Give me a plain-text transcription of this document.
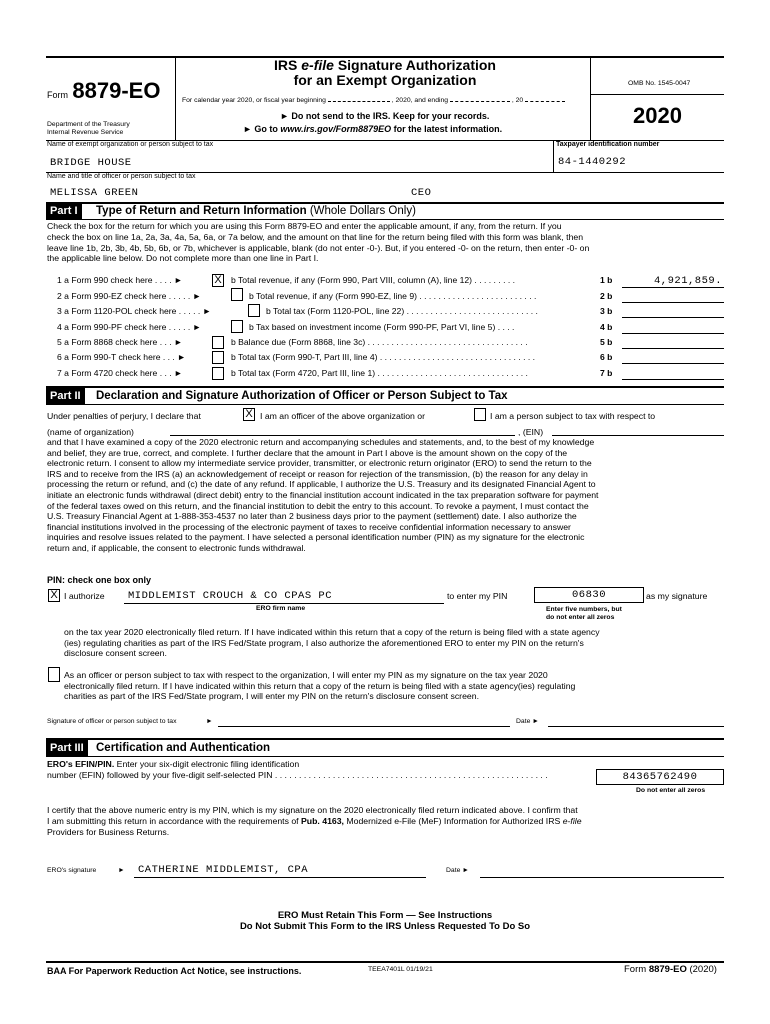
Form 8879-EO
Department of the Treasury
Internal Revenue Service
IRS e-file Signature Authorization
for an Exempt Organization
For calendar year 2020, or fiscal year beginning	, 2020, and ending	, 20
► Do not send to the IRS. Keep for your records.
► Go to www.irs.gov/Form8879EO for the latest information.
OMB No. 1545-0047
2020
Name of exempt organization or person subject to tax
BRIDGE HOUSE
Taxpayer identification number
84-1440292
Name and title of officer or person subject to tax
MELISSA GREEN	CEO
Part I	Type of Return and Return Information (Whole Dollars Only)
Check the box for the return for which you are using this Form 8879-EO and enter the applicable amount, if any, from the return. If you
check the box on line 1a, 2a, 3a, 4a, 5a, 6a, or 7a below, and the amount on that line for the return being filed with this form was blank, then
leave line 1b, 2b, 3b, 4b, 5b, 6b, or 7b, whichever is applicable, blank (do not enter -0-). But, if you entered -0- on the return, then enter -0- on
the applicable line below. Do not complete more than one line in Part I.
1 a Form 990 check here . . . . ►	X b Total revenue, if any (Form 990, Part VIII, column (A), line 12) . . . . . . . . .	1 b	4,921,859.
2 a Form 990-EZ check here . . . . . ►	b Total revenue, if any (Form 990-EZ, line 9) . . . . . . . . . . . . . . . . . . . . . . . . .	2 b
3 a Form 1120-POL check here . . . . . ►	b Total tax (Form 1120-POL, line 22) . . . . . . . . . . . . . . . . . . . . . . . . . . . .	3 b
4 a Form 990-PF check here . . . . . ►	b Tax based on investment income (Form 990-PF, Part VI, line 5) . . . .	4 b
5 a Form 8868 check here . . . ►	b Balance due (Form 8868, line 3c) . . . . . . . . . . . . . . . . . . . . . . . . . . . . . . . . . .	5 b
6 a Form 990-T check here . . . ►	b Total tax (Form 990-T, Part III, line 4) . . . . . . . . . . . . . . . . . . . . . . . . . . . . . . . . .	6 b
7 a Form 4720 check here . . . ►	b Total tax (Form 4720, Part III, line 1) . . . . . . . . . . . . . . . . . . . . . . . . . . . . . . . .	7 b
Part II	Declaration and Signature Authorization of Officer or Person Subject to Tax
Under penalties of perjury, I declare that	X I am an officer of the above organization or	I am a person subject to tax with respect to
(name of organization)	, (EIN)
and that I have examined a copy of the 2020 electronic return and accompanying schedules and statements, and, to the best of my knowledge
and belief, they are true, correct, and complete. I further declare that the amount in Part I above is the amount shown on the copy of the
electronic return. I consent to allow my intermediate service provider, transmitter, or electronic return originator (ERO) to send the return to the
IRS and to receive from the IRS (a) an acknowledgement of receipt or reason for rejection of the transmission, (b) the reason for any delay in
processing the return or refund, and (c) the date of any refund. If applicable, I authorize the U.S. Treasury and its designated Financial Agent to
initiate an electronic funds withdrawal (direct debit) entry to the financial institution account indicated in the tax preparation software for payment
of the federal taxes owed on this return, and the financial institution to debit the entry to this account. To revoke a payment, I must contact the
U.S. Treasury Financial Agent at 1-888-353-4537 no later than 2 business days prior to the payment (settlement) date. I also authorize the
financial institutions involved in the processing of the electronic payment of taxes to receive confidential information necessary to answer
inquiries and resolve issues related to the payment. I have selected a personal identification number (PIN) as my signature for the electronic
return and, if applicable, the consent to electronic funds withdrawal.
PIN: check one box only
X I authorize MIDDLEMIST CROUCH & CO CPAS PC
ERO firm name
to enter my PIN	06830	as my signature
Enter five numbers, but
do not enter all zeros
on the tax year 2020 electronically filed return. If I have indicated within this return that a copy of the return is being filed with a state agency
(ies) regulating charities as part of the IRS Fed/State program, I also authorize the aforementioned ERO to enter my PIN on the return's
disclosure consent screen.
As an officer or person subject to tax with respect to the organization, I will enter my PIN as my signature on the tax year 2020
electronically filed return. If I have indicated within this return that a copy of the return is being filed with a state agency(ies) regulating
charities as part of the IRS Fed/State program, I will enter my PIN on the return's disclosure consent screen.
Signature of officer or person subject to tax	►	Date ►
Part III	Certification and Authentication
ERO's EFIN/PIN. Enter your six-digit electronic filing identification
number (EFIN) followed by your five-digit self-selected PIN . . . . . . . . . . . . . . . . . . . . . . . . . . . . . . . . . . . . . . . . . . . . . . . . . . . . . . . . .	84365762490
Do not enter all zeros
I certify that the above numeric entry is my PIN, which is my signature on the 2020 electronically filed return indicated above. I confirm that
I am submitting this return in accordance with the requirements of Pub. 4163, Modernized e-File (MeF) Information for Authorized IRS e-file
Providers for Business Returns.
ERO's signature	► CATHERINE MIDDLEMIST, CPA	Date ►
ERO Must Retain This Form — See Instructions
Do Not Submit This Form to the IRS Unless Requested To Do So
BAA For Paperwork Reduction Act Notice, see instructions.	TEEA7401L 01/19/21	Form 8879-EO (2020)
